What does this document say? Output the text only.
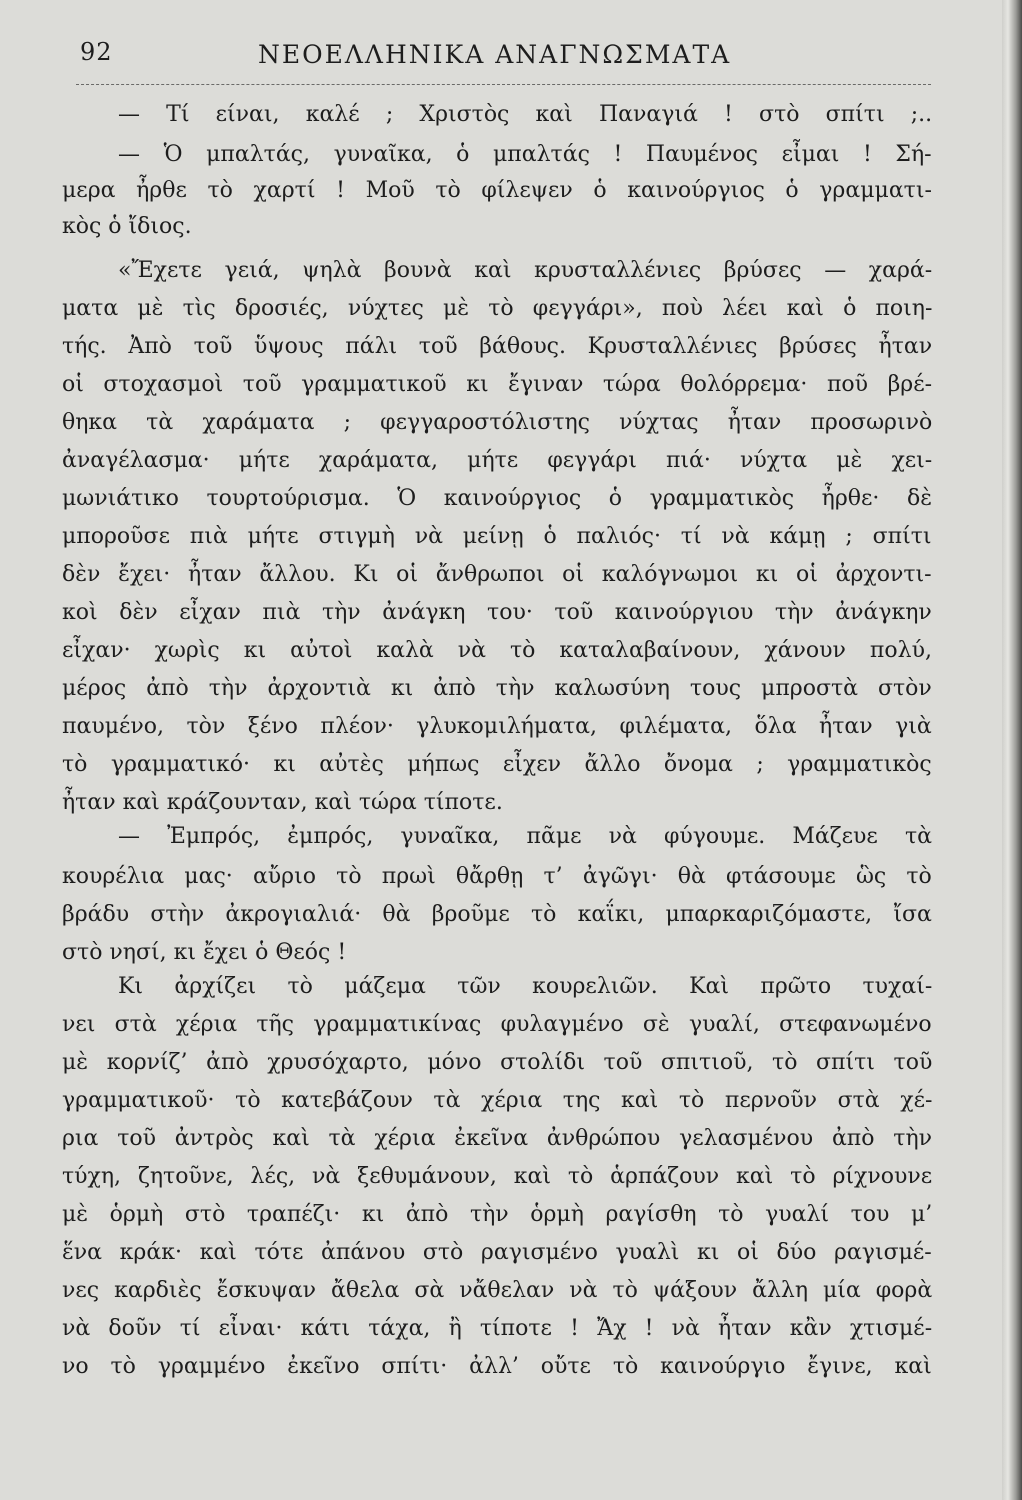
92	ΝΕΟΕΛΛΗΝΙΚΑ ΑΝΑΓΝΩΣΜΑΤΑ
— Τί είναι, καλέ ; Χριστὸς καὶ Παναγιά ! στὸ σπίτι ;..
— Ὁ μπαλτάς, γυναῖκα, ὁ μπαλτάς ! Παυμένος εἶμαι ! Σή-
μερα ἦρθε τὸ χαρτί ! Μοῦ τὸ φίλεψεν ὁ καινούργιος ὁ γραμματι-
κὸς ὁ ἴδιος.
«Ἔχετε γειά, ψηλὰ βουνὰ καὶ κρυσταλλένιες βρύσες — χαρά-
ματα μὲ τὶς δροσιές, νύχτες μὲ τὸ φεγγάρι», ποὺ λέει καὶ ὁ ποιη-
τής. Ἀπὸ τοῦ ὕψους πάλι τοῦ βάθους. Κρυσταλλένιες βρύσες ἦταν
οἱ στοχασμοὶ τοῦ γραμματικοῦ κι ἔγιναν τώρα θολόρρεμα· ποῦ βρέ-
θηκα τὰ χαράματα ; φεγγαροστόλιστης νύχτας ἦταν προσωρινὸ
ἀναγέλασμα· μήτε χαράματα, μήτε φεγγάρι πιά· νύχτα μὲ χει-
μωνιάτικο τουρτούρισμα. Ὁ καινούργιος ὁ γραμματικὸς ἦρθε· δὲ
μποροῦσε πιὰ μήτε στιγμὴ νὰ μείνῃ ὁ παλιός· τί νὰ κάμῃ ; σπίτι
δὲν ἔχει· ἦταν ἄλλου. Κι οἱ ἄνθρωποι οἱ καλόγνωμοι κι οἱ ἀρχοντι-
κοὶ δὲν εἶχαν πιὰ τὴν ἀνάγκη του· τοῦ καινούργιου τὴν ἀνάγκην
εἶχαν· χωρὶς κι αὐτοὶ καλὰ νὰ τὸ καταλαβαίνουν, χάνουν πολύ,
μέρος ἀπὸ τὴν ἀρχοντιὰ κι ἀπὸ τὴν καλωσύνη τους μπροστὰ στὸν
παυμένο, τὸν ξένο πλέον· γλυκομιλήματα, φιλέματα, ὅλα ἦταν γιὰ
τὸ γραμματικό· κι αὐτὲς μήπως εἶχεν ἄλλο ὄνομα ; γραμματικὸς
ἦταν καὶ κράζουνταν, καὶ τώρα τίποτε.
— Ἐμπρός, ἐμπρός, γυναῖκα, πᾶμε νὰ φύγουμε. Μάζευε τὰ
κουρέλια μας· αὔριο τὸ πρωὶ θἄρθῃ τ’ ἀγῶγι· θὰ φτάσουμε ὣς τὸ
βράδυ στὴν ἀκρογιαλιά· θὰ βροῦμε τὸ καΐκι, μπαρκαριζόμαστε, ἴσα
στὸ νησί, κι ἔχει ὁ Θεός !
Κι ἀρχίζει τὸ μάζεμα τῶν κουρελιῶν. Καὶ πρῶτο τυχαί-
νει στὰ χέρια τῆς γραμματικίνας φυλαγμένο σὲ γυαλί, στεφανωμένο
μὲ κορνίζ’ ἀπὸ χρυσόχαρτο, μόνο στολίδι τοῦ σπιτιοῦ, τὸ σπίτι τοῦ
γραμματικοῦ· τὸ κατεβάζουν τὰ χέρια της καὶ τὸ περνοῦν στὰ χέ-
ρια τοῦ ἀντρὸς καὶ τὰ χέρια ἐκεῖνα ἀνθρώπου γελασμένου ἀπὸ τὴν
τύχη, ζητοῦνε, λές, νὰ ξεθυμάνουν, καὶ τὸ ἁρπάζουν καὶ τὸ ρίχνουνε
μὲ ὁρμὴ στὸ τραπέζι· κι ἀπὸ τὴν ὁρμὴ ραγίσθη τὸ γυαλί του μ’
ἕνα κράκ· καὶ τότε ἀπάνου στὸ ραγισμένο γυαλὶ κι οἱ δύο ραγισμέ-
νες καρδιὲς ἔσκυψαν ἄθελα σὰ νἄθελαν νὰ τὸ ψάξουν ἄλλη μία φορὰ
νὰ δοῦν τί εἶναι· κάτι τάχα, ἢ τίποτε ! Ἄχ ! νὰ ἦταν κἂν χτισμέ-
νο τὸ γραμμένο ἐκεῖνο σπίτι· ἀλλ’ οὔτε τὸ καινούργιο ἔγινε, καὶ
